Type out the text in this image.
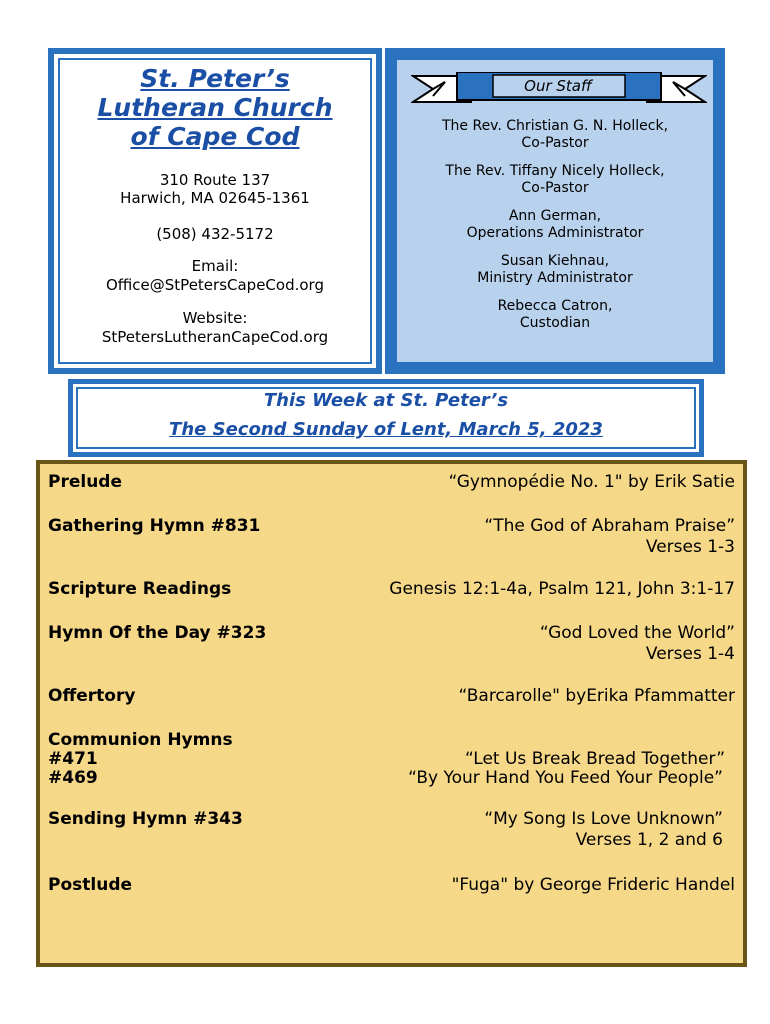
St. Peter’s
Lutheran Church
of Cape Cod
310 Route 137
Harwich, MA 02645-1361
(508) 432-5172
Email:
Office@StPetersCapeCod.org
Website:
StPetersLutheranCapeCod.org
Our Staff
The Rev. Christian G. N. Holleck,
Co-Pastor
The Rev. Tiffany Nicely Holleck,
Co-Pastor
Ann German,
Operations Administrator
Susan Kiehnau,
Ministry Administrator
Rebecca Catron,
Custodian
This Week at St. Peter’s
The Second Sunday of Lent, March 5, 2023
Prelude	“Gymnopédie No. 1" by Erik Satie
Gathering Hymn #831	“The God of Abraham Praise”
Verses 1-3
Scripture Readings	Genesis 12:1-4a, Psalm 121, John 3:1-17
Hymn Of the Day #323	“God Loved the World”
Verses 1-4
Offertory	“Barcarolle" byErika Pfammatter
Communion Hymns
#471	“Let Us Break Bread Together”
#469	“By Your Hand You Feed Your People”
Sending Hymn #343	“My Song Is Love Unknown”
Verses 1, 2 and 6
Postlude	"Fuga" by George Frideric Handel
